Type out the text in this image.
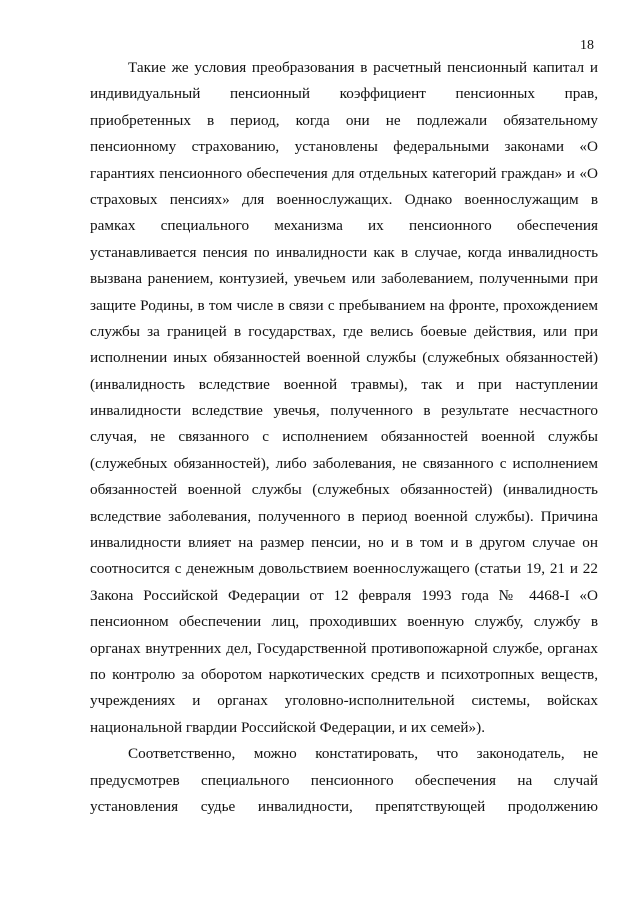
18
Такие же условия преобразования в расчетный пенсионный капитал и
индивидуальный пенсионный коэффициент пенсионных прав,
приобретенных в период, когда они не подлежали обязательному
пенсионному страхованию, установлены федеральными законами «О
гарантиях пенсионного обеспечения для отдельных категорий граждан» и «О
страховых пенсиях» для военнослужащих. Однако военнослужащим в
рамках специального механизма их пенсионного обеспечения
устанавливается пенсия по инвалидности как в случае, когда инвалидность
вызвана ранением, контузией, увечьем или заболеванием, полученными при
защите Родины, в том числе в связи с пребыванием на фронте, прохождением
службы за границей в государствах, где велись боевые действия, или при
исполнении иных обязанностей военной службы (служебных обязанностей)
(инвалидность вследствие военной травмы), так и при наступлении
инвалидности вследствие увечья, полученного в результате несчастного
случая, не связанного с исполнением обязанностей военной службы
(служебных обязанностей), либо заболевания, не связанного с исполнением
обязанностей военной службы (служебных обязанностей) (инвалидность
вследствие заболевания, полученного в период военной службы). Причина
инвалидности влияет на размер пенсии, но и в том и в другом случае он
соотносится с денежным довольствием военнослужащего (статьи 19, 21 и 22
Закона Российской Федерации от 12 февраля 1993 года № 4468-I «О
пенсионном обеспечении лиц, проходивших военную службу, службу в
органах внутренних дел, Государственной противопожарной службе, органах
по контролю за оборотом наркотических средств и психотропных веществ,
учреждениях и органах уголовно-исполнительной системы, войсках
национальной гвардии Российской Федерации, и их семей»).
Соответственно, можно констатировать, что законодатель, не
предусмотрев специального пенсионного обеспечения на случай
установления судье инвалидности, препятствующей продолжению
